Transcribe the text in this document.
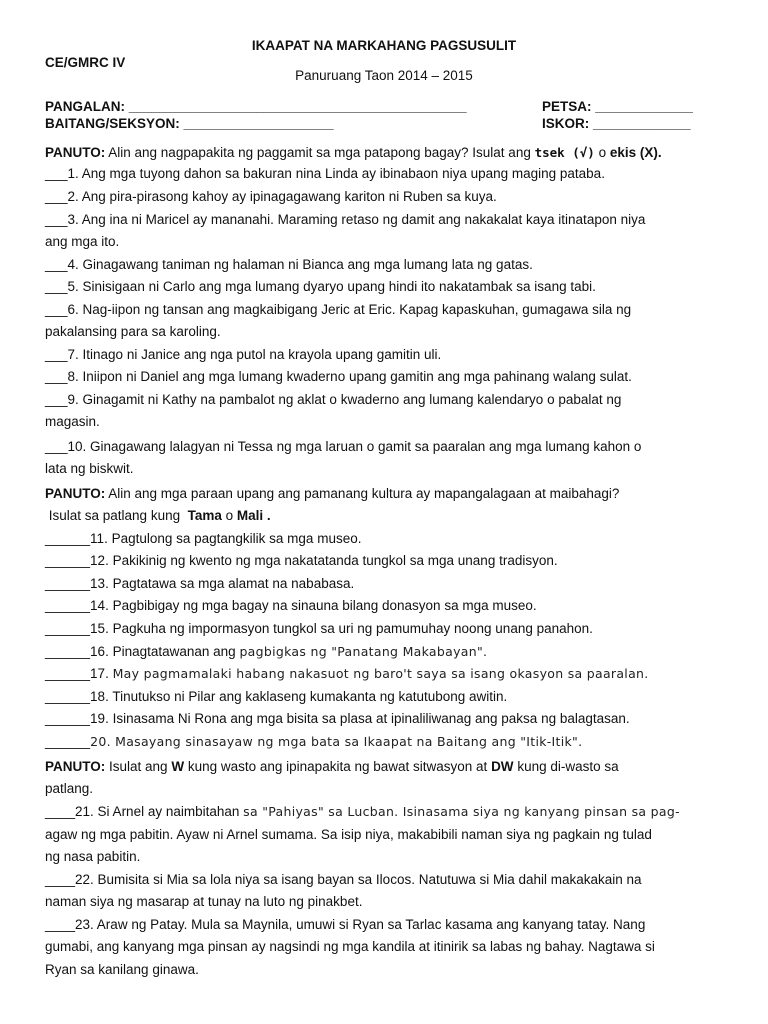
IKAAPAT NA MARKAHANG PAGSUSULIT
CE/GMRC IV
Panuruang Taon 2014 – 2015
PANGALAN: _____________________________________________	PETSA: _____________
BAITANG/SEKSYON: ____________________	ISKOR: _____________
PANUTO: Alin ang nagpapakita ng paggamit sa mga patapong bagay? Isulat ang tsek (√) o ekis (X).
___1. Ang mga tuyong dahon sa bakuran nina Linda ay ibinabaon niya upang maging pataba.
___2. Ang pira-pirasong kahoy ay ipinagagawang kariton ni Ruben sa kuya.
___3. Ang ina ni Maricel ay mananahi. Maraming retaso ng damit ang nakakalat kaya itinatapon niya
ang mga ito.
___4. Ginagawang taniman ng halaman ni Bianca ang mga lumang lata ng gatas.
___5. Sinisigaan ni Carlo ang mga lumang dyaryo upang hindi ito nakatambak sa isang tabi.
___6. Nag-iipon ng tansan ang magkaibigang Jeric at Eric. Kapag kapaskuhan, gumagawa sila ng
pakalansing para sa karoling.
___7. Itinago ni Janice ang nga putol na krayola upang gamitin uli.
___8. Iniipon ni Daniel ang mga lumang kwaderno upang gamitin ang mga pahinang walang sulat.
___9. Ginagamit ni Kathy na pambalot ng aklat o kwaderno ang lumang kalendaryo o pabalat ng
magasin.
___10. Ginagawang lalagyan ni Tessa ng mga laruan o gamit sa paaralan ang mga lumang kahon o
lata ng biskwit.
PANUTO: Alin ang mga paraan upang ang pamanang kultura ay mapangalagaan at maibahagi?
Isulat sa patlang kung Tama o Mali .
______11. Pagtulong sa pagtangkilik sa mga museo.
______12. Pakikinig ng kwento ng mga nakatatanda tungkol sa mga unang tradisyon.
______13. Pagtatawa sa mga alamat na nababasa.
______14. Pagbibigay ng mga bagay na sinauna bilang donasyon sa mga museo.
______15. Pagkuha ng impormasyon tungkol sa uri ng pamumuhay noong unang panahon.
______16. Pinagtatawanan ang pagbigkas ng "Panatang Makabayan".
______17. May pagmamalaki habang nakasuot ng baro't saya sa isang okasyon sa paaralan.
______18. Tinutukso ni Pilar ang kaklaseng kumakanta ng katutubong awitin.
______19. Isinasama Ni Rona ang mga bisita sa plasa at ipinaliliwanag ang paksa ng balagtasan.
______20. Masayang sinasayaw ng mga bata sa Ikaapat na Baitang ang "Itik-Itik".
PANUTO: Isulat ang W kung wasto ang ipinapakita ng bawat sitwasyon at DW kung di-wasto sa
patlang.
____21. Si Arnel ay naimbitahan sa "Pahiyas" sa Lucban. Isinasama siya ng kanyang pinsan sa pag-
agaw ng mga pabitin. Ayaw ni Arnel sumama. Sa isip niya, makabibili naman siya ng pagkain ng tulad
ng nasa pabitin.
____22. Bumisita si Mia sa lola niya sa isang bayan sa Ilocos. Natutuwa si Mia dahil makakakain na
naman siya ng masarap at tunay na luto ng pinakbet.
____23. Araw ng Patay. Mula sa Maynila, umuwi si Ryan sa Tarlac kasama ang kanyang tatay. Nang
gumabi, ang kanyang mga pinsan ay nagsindi ng mga kandila at itinirik sa labas ng bahay. Nagtawa si
Ryan sa kanilang ginawa.
